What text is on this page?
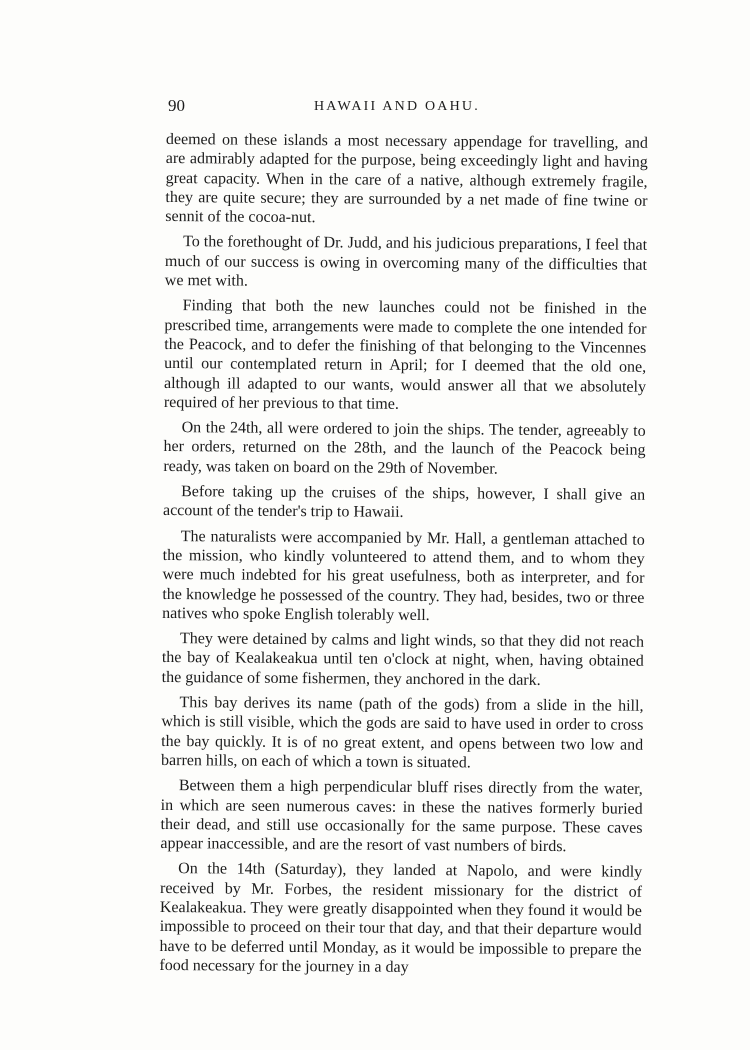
90	HAWAII AND OAHU.

deemed on these islands a most necessary appendage for travelling, and are admirably adapted for the purpose, being exceedingly light and having great capacity. When in the care of a native, although extremely fragile, they are quite secure; they are surrounded by a net made of fine twine or sennit of the cocoa-nut.

To the forethought of Dr. Judd, and his judicious preparations, I feel that much of our success is owing in overcoming many of the difficulties that we met with.

Finding that both the new launches could not be finished in the prescribed time, arrangements were made to complete the one intended for the Peacock, and to defer the finishing of that belonging to the Vincennes until our contemplated return in April; for I deemed that the old one, although ill adapted to our wants, would answer all that we absolutely required of her previous to that time.

On the 24th, all were ordered to join the ships. The tender, agreeably to her orders, returned on the 28th, and the launch of the Peacock being ready, was taken on board on the 29th of November.

Before taking up the cruises of the ships, however, I shall give an account of the tender's trip to Hawaii.

The naturalists were accompanied by Mr. Hall, a gentleman attached to the mission, who kindly volunteered to attend them, and to whom they were much indebted for his great usefulness, both as interpreter, and for the knowledge he possessed of the country. They had, besides, two or three natives who spoke English tolerably well.

They were detained by calms and light winds, so that they did not reach the bay of Kealakeakua until ten o'clock at night, when, having obtained the guidance of some fishermen, they anchored in the dark.

This bay derives its name (path of the gods) from a slide in the hill, which is still visible, which the gods are said to have used in order to cross the bay quickly. It is of no great extent, and opens between two low and barren hills, on each of which a town is situated.

Between them a high perpendicular bluff rises directly from the water, in which are seen numerous caves: in these the natives formerly buried their dead, and still use occasionally for the same purpose. These caves appear inaccessible, and are the resort of vast numbers of birds.

On the 14th (Saturday), they landed at Napolo, and were kindly received by Mr. Forbes, the resident missionary for the district of Kealakeakua. They were greatly disappointed when they found it would be impossible to proceed on their tour that day, and that their departure would have to be deferred until Monday, as it would be impossible to prepare the food necessary for the journey in a day
